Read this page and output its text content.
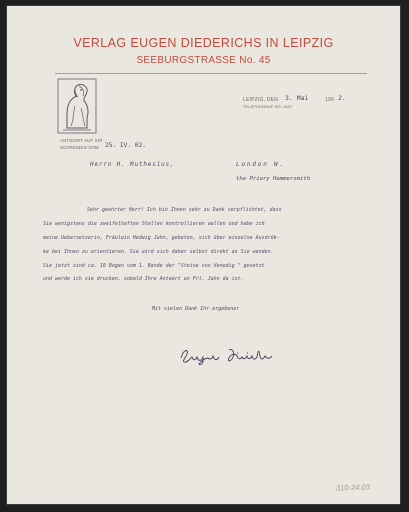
VERLAG EUGEN DIEDERICHS IN LEIPZIG
SEEBURGSTRASSE No. 45
LEIPZIG, DEN 3. Mai	190 2.
TELEPHONRUF NO. 2657
ANTWORT AUF IHR
SCHREIBEN VOM 25. IV. 02.
Herrn H. Muthesius,	London W.
the Priory Hammersmith
Sehr geehrter Herr! Ich bin Ihnen sehr zu Dank verpflichtet, dass
Sie wenigstens die zweifelhaften Stellen kontrollieren wollen und habe ich
meine Uebersetzerin, Fräulein Hedwig Jahn, gebeten, sich über einzelne Ausdrük-
ke bei Ihnen zu orientieren. Sie wird sich daher selbst direkt an Sie wenden.
Sie jetzt sind ca. 10 Bogen vom 1. Bande der "Steine von Venedig " gesetzt
und werde ich sie drucken, sobald Ihre Antwort an Frl. Jahn da ist.
Mit vielen Dank Ihr ergebener
310-24.03
